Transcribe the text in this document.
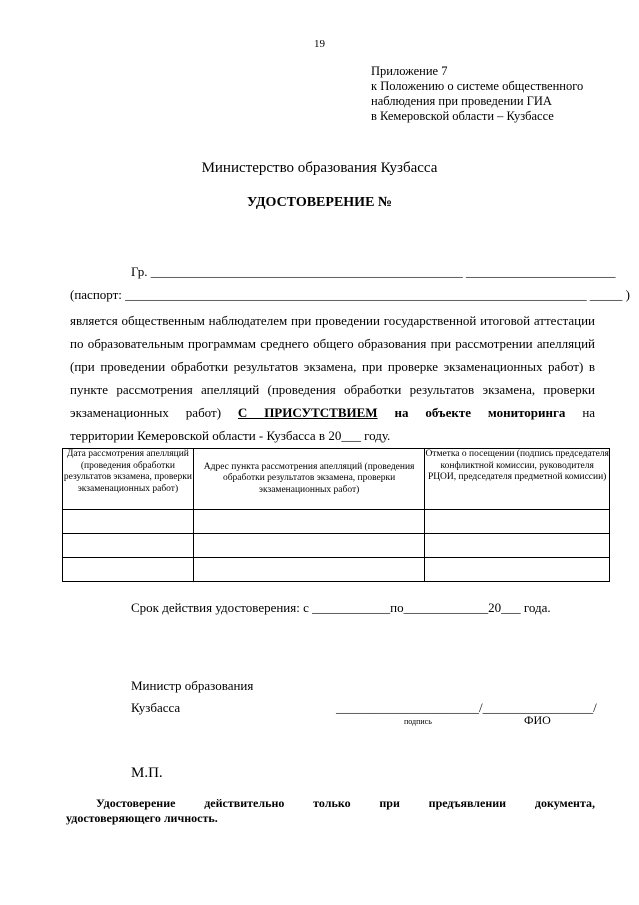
19
Приложение 7
к Положению о системе общественного
наблюдения при проведении ГИА
в Кемеровской области – Кузбассе
Министерство образования Кузбасса
УДОСТОВЕРЕНИЕ №
Гр. ________________________________________________ _______________________
(паспорт: _______________________________________________________________________ _____ )
является общественным наблюдателем при проведении государственной итоговой аттестации
по образовательным программам среднего общего образования при рассмотрении апелляций
(при проведении обработки результатов экзамена, при проверке экзаменационных работ) в
пункте рассмотрения апелляций (проведения обработки результатов экзамена, проверки
экзаменационных работ) С ПРИСУТСТВИЕМ на объекте мониторинга на
территории Кемеровской области - Кузбасса в 20___ году.
Дата рассмотрения апелляций (проведения обработки результатов экзамена, проверки экзаменационных работ)	Адрес пункта рассмотрения апелляций (проведения обработки результатов экзамена, проверки экзаменационных работ)	Отметка о посещении (подпись председателя конфликтной комиссии, руководителя РЦОИ, председателя предметной комиссии)

Срок действия удостоверения: с ____________по_____________20___ года.
Министр образования
Кузбасса	______________________/_________________/
подпись	ФИО
М.П.
Удостоверение действительно только при предъявлении документа,
удостоверяющего личность.
